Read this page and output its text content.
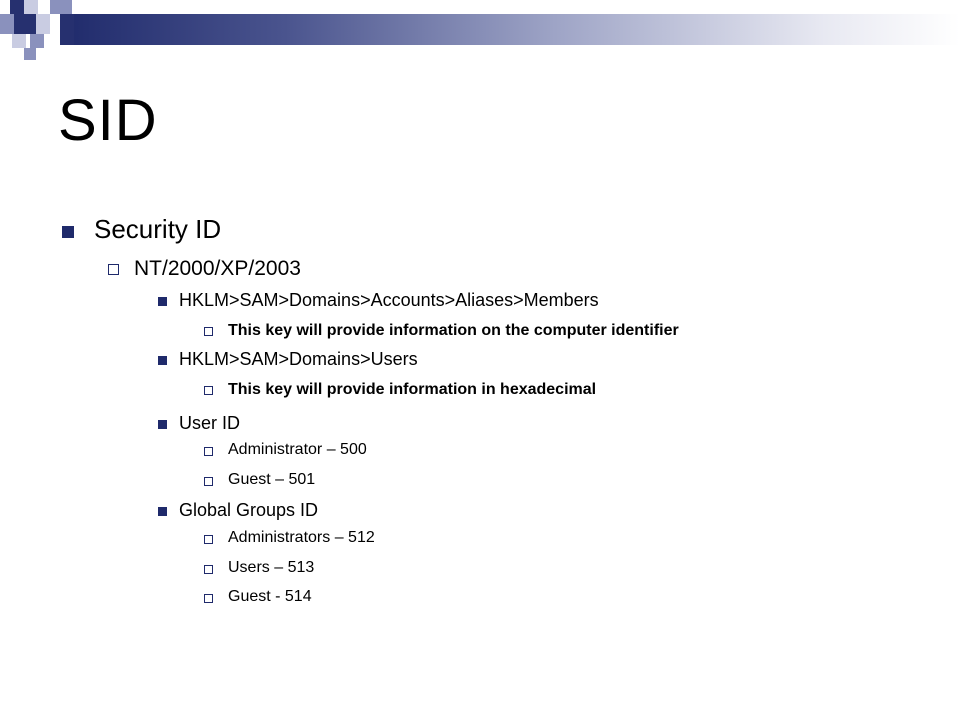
SID
Security ID
NT/2000/XP/2003
HKLM>SAM>Domains>Accounts>Aliases>Members
This key will provide information on the computer identifier
HKLM>SAM>Domains>Users
This key will provide information in hexadecimal
User ID
Administrator – 500
Guest – 501
Global Groups ID
Administrators – 512
Users – 513
Guest - 514
